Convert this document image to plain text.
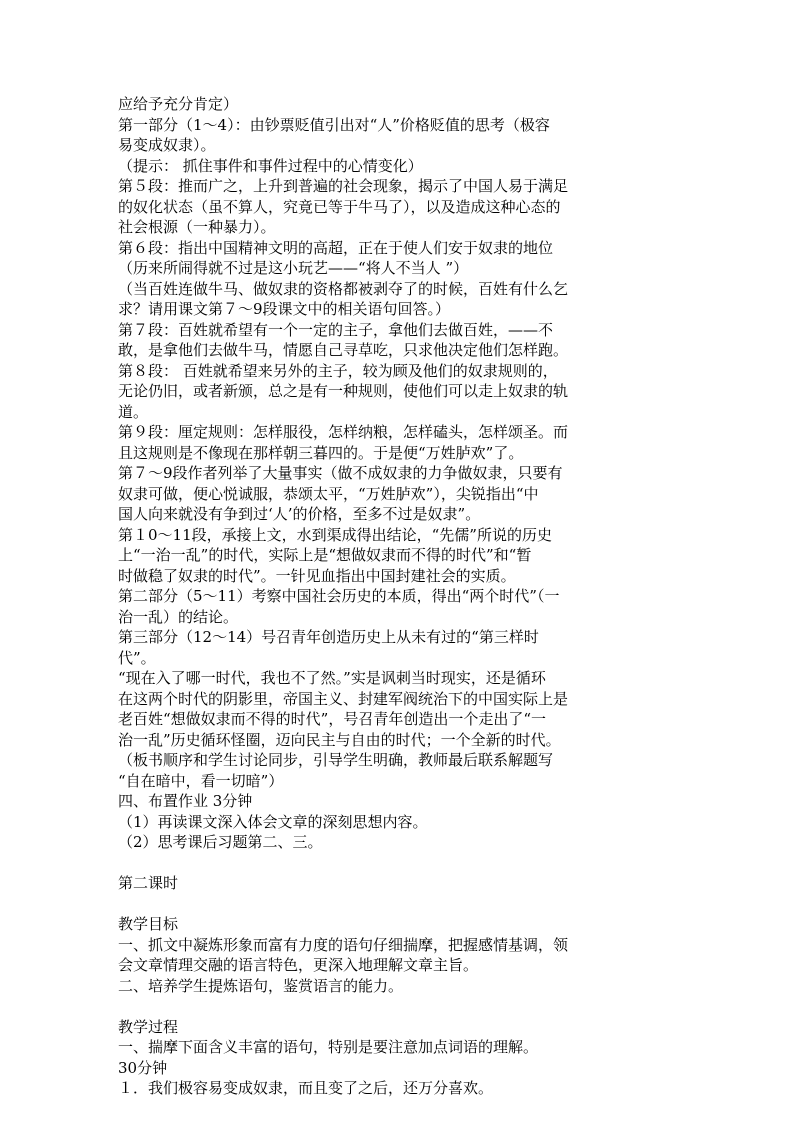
应给予充分肯定）
第一部分（1～4）：由钞票贬值引出对“人”价格贬值的思考（极容
易变成奴隶）。
（提示： 抓住事件和事件过程中的心情变化）
第５段：推而广之，上升到普遍的社会现象，揭示了中国人易于满足
的奴化状态（虽不算人，究竟已等于牛马了），以及造成这种心态的
社会根源（一种暴力）。
第６段：指出中国精神文明的高超，正在于使人们安于奴隶的地位
（历来所闹得就不过是这小玩艺——“将人不当人 ”）
（当百姓连做牛马、做奴隶的资格都被剥夺了的时候，百姓有什么乞
求？请用课文第７～9段课文中的相关语句回答。）
第７段：百姓就希望有一个一定的主子，拿他们去做百姓，——不
敢，是拿他们去做牛马，情愿自己寻草吃，只求他决定他们怎样跑。
第８段： 百姓就希望来另外的主子，较为顾及他们的奴隶规则的，
无论仍旧，或者新颁，总之是有一种规则，使他们可以走上奴隶的轨
道。
第９段：厘定规则：怎样服役，怎样纳粮，怎样磕头，怎样颂圣。而
且这规则是不像现在那样朝三暮四的。于是便“万姓胪欢”了。
第７～9段作者列举了大量事实（做不成奴隶的力争做奴隶，只要有
奴隶可做，便心悦诚服，恭颂太平，“万姓胪欢”），尖锐指出“中
国人向来就没有争到过‘人’的价格，至多不过是奴隶”。
第１0～11段，承接上文，水到渠成得出结论，“先儒”所说的历史
上“一治一乱”的时代，实际上是“想做奴隶而不得的时代”和“暂
时做稳了奴隶的时代”。一针见血指出中国封建社会的实质。
第二部分（5～11）考察中国社会历史的本质，得出“两个时代”（一
治一乱）的结论。
第三部分（12～14）号召青年创造历史上从未有过的“第三样时
代”。
“现在入了哪一时代，我也不了然。”实是讽刺当时现实，还是循环
在这两个时代的阴影里，帝国主义、封建军阀统治下的中国实际上是
老百姓“想做奴隶而不得的时代”，号召青年创造出一个走出了“一
治一乱”历史循环怪圈，迈向民主与自由的时代；一个全新的时代。
（板书顺序和学生讨论同步，引导学生明确，教师最后联系解题写
“自在暗中，看一切暗”）
四、布置作业 3分钟
（1）再读课文深入体会文章的深刻思想内容。
（2）思考课后习题第二、三。
第二课时
教学目标
一、抓文中凝炼形象而富有力度的语句仔细揣摩，把握感情基调，领
会文章情理交融的语言特色，更深入地理解文章主旨。
二、培养学生提炼语句，鉴赏语言的能力。
教学过程
一、揣摩下面含义丰富的语句，特别是要注意加点词语的理解。
30分钟
１．我们极容易变成奴隶，而且变了之后，还万分喜欢。
